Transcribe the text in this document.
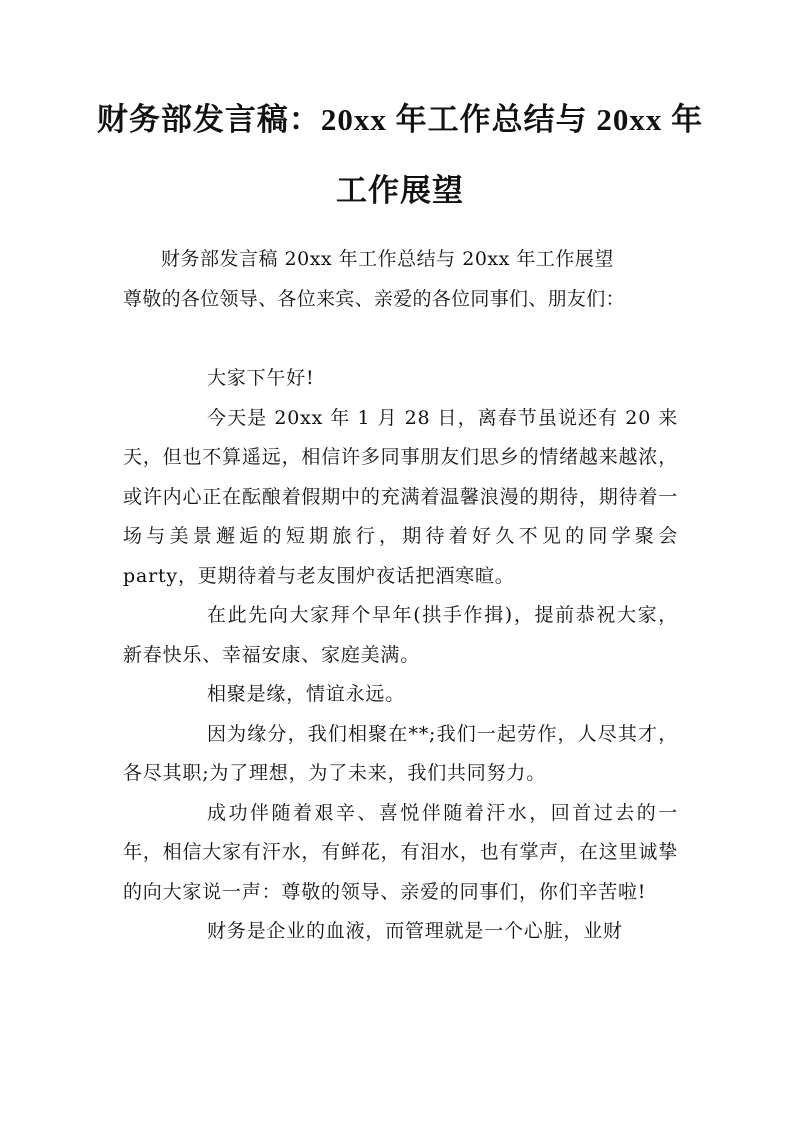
财务部发言稿：20xx 年工作总结与 20xx 年
工作展望

财务部发言稿 20xx 年工作总结与 20xx 年工作展望

尊敬的各位领导、各位来宾、亲爱的各位同事们、朋友们：

大家下午好!

今天是 20xx 年 1 月 28 日，离春节虽说还有 20 来天，但也不算遥远，相信许多同事朋友们思乡的情绪越来越浓，或许内心正在酝酿着假期中的充满着温馨浪漫的期待，期待着一场与美景邂逅的短期旅行，期待着好久不见的同学聚会 party，更期待着与老友围炉夜话把酒寒暄。

在此先向大家拜个早年(拱手作揖)，提前恭祝大家，新春快乐、幸福安康、家庭美满。

相聚是缘，情谊永远。

因为缘分，我们相聚在**;我们一起劳作，人尽其才，各尽其职;为了理想，为了未来，我们共同努力。

成功伴随着艰辛、喜悦伴随着汗水，回首过去的一年，相信大家有汗水，有鲜花，有泪水，也有掌声，在这里诚挚的向大家说一声：尊敬的领导、亲爱的同事们，你们辛苦啦!

财务是企业的血液，而管理就是一个心脏，业财
